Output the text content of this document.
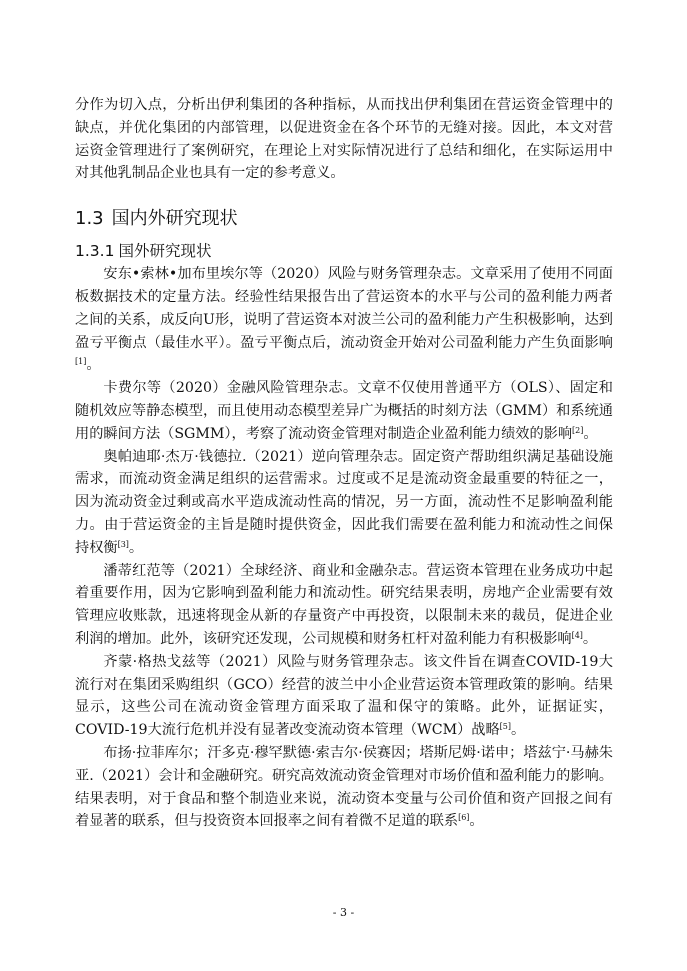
分作为切入点，分析出伊利集团的各种指标，从而找出伊利集团在营运资金管理中的缺点，并优化集团的内部管理，以促进资金在各个环节的无缝对接。因此，本文对营运资金管理进行了案例研究，在理论上对实际情况进行了总结和细化，在实际运用中对其他乳制品企业也具有一定的参考意义。

1.3 国内外研究现状
1.3.1 国外研究现状

安东•索林•加布里埃尔等（2020）风险与财务管理杂志。文章采用了使用不同面板数据技术的定量方法。经验性结果报告出了营运资本的水平与公司的盈利能力两者之间的关系，成反向U形，说明了营运资本对波兰公司的盈利能力产生积极影响，达到盈亏平衡点（最佳水平）。盈亏平衡点后，流动资金开始对公司盈利能力产生负面影响[1]。

卡费尔等（2020）金融风险管理杂志。文章不仅使用普通平方（OLS）、固定和随机效应等静态模型，而且使用动态模型差异广为概括的时刻方法（GMM）和系统通用的瞬间方法（SGMM），考察了流动资金管理对制造企业盈利能力绩效的影响[2]。

奥帕迪耶·杰万·钱德拉.（2021）逆向管理杂志。固定资产帮助组织满足基础设施需求，而流动资金满足组织的运营需求。过度或不足是流动资金最重要的特征之一，因为流动资金过剩或高水平造成流动性高的情况，另一方面，流动性不足影响盈利能力。由于营运资金的主旨是随时提供资金，因此我们需要在盈利能力和流动性之间保持权衡[3]。

潘蒂红范等（2021）全球经济、商业和金融杂志。营运资本管理在业务成功中起着重要作用，因为它影响到盈利能力和流动性。研究结果表明，房地产企业需要有效管理应收账款，迅速将现金从新的存量资产中再投资，以限制未来的裁员，促进企业利润的增加。此外，该研究还发现，公司规模和财务杠杆对盈利能力有积极影响[4]。

齐蒙·格热戈兹等（2021）风险与财务管理杂志。该文件旨在调查COVID-19大流行对在集团采购组织（GCO）经营的波兰中小企业营运资本管理政策的影响。结果显示，这些公司在流动资金管理方面采取了温和保守的策略。此外，证据证实，COVID-19大流行危机并没有显著改变流动资本管理（WCM）战略[5]。

布扬·拉菲库尔；汗多克·穆罕默德·索吉尔·侯赛因；塔斯尼姆·诺申；塔兹宁·马赫朱亚.（2021）会计和金融研究。研究高效流动资金管理对市场价值和盈利能力的影响。结果表明，对于食品和整个制造业来说，流动资本变量与公司价值和资产回报之间有着显著的联系，但与投资资本回报率之间有着微不足道的联系[6]。

- 3 -
